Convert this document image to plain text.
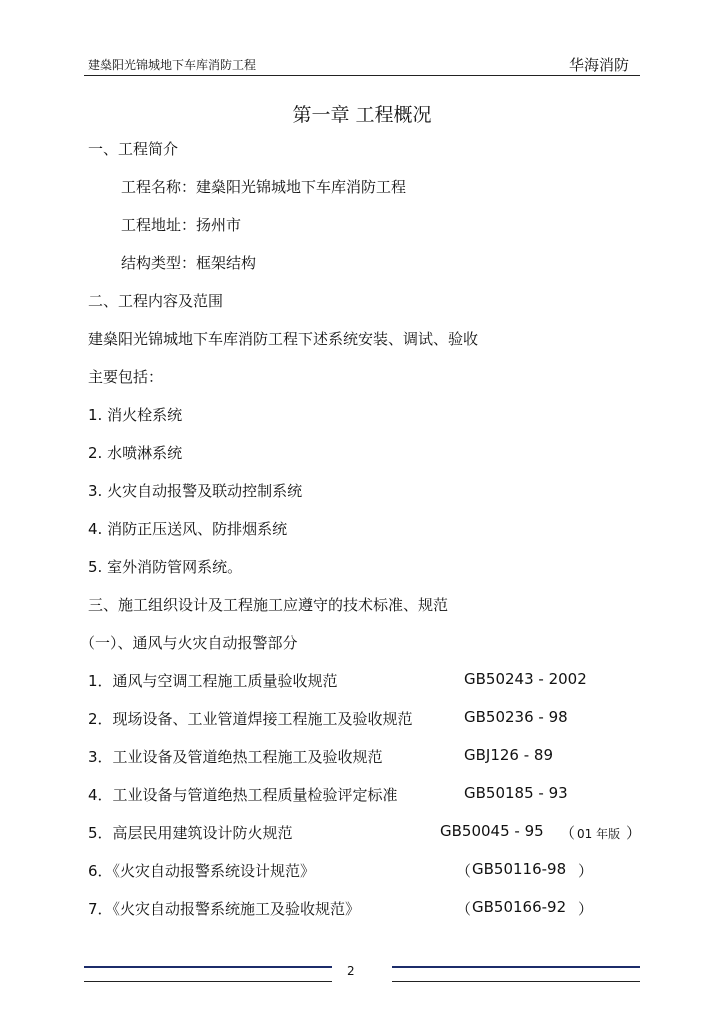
建燊阳光锦城地下车库消防工程	华海消防
第一章 工程概况
一、工程简介
工程名称：建燊阳光锦城地下车库消防工程
工程地址：扬州市
结构类型：框架结构
二、工程内容及范围
建燊阳光锦城地下车库消防工程下述系统安装、调试、验收
主要包括：
1. 消火栓系统
2. 水喷淋系统
3. 火灾自动报警及联动控制系统
4. 消防正压送风、防排烟系统
5. 室外消防管网系统。
三、施工组织设计及工程施工应遵守的技术标准、规范
（一）、通风与火灾自动报警部分
1．通风与空调工程施工质量验收规范	GB50243 - 2002
2．现场设备、工业管道焊接工程施工及验收规范	GB50236 - 98
3．工业设备及管道绝热工程施工及验收规范	GBJ126 - 89
4．工业设备与管道绝热工程质量检验评定标准	GB50185 - 93
5．高层民用建筑设计防火规范	GB50045 - 95 （ 01 年版 ）
6．《火灾自动报警系统设计规范》	（ GB50116-98 ）
7．《火灾自动报警系统施工及验收规范》	（ GB50166-92 ）
2
